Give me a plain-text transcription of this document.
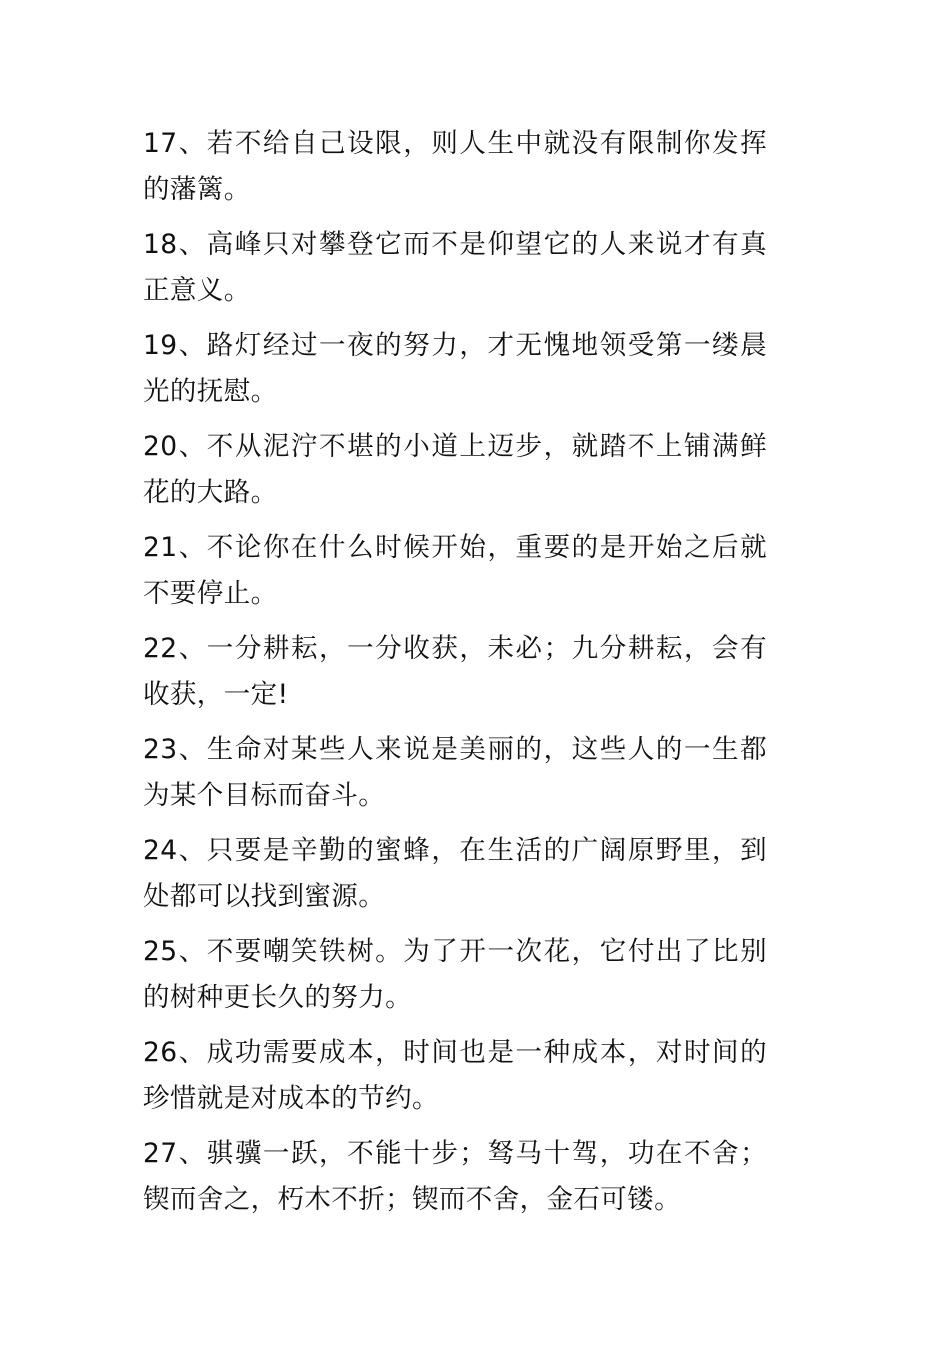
17、若不给自己设限，则人生中就没有限制你发挥的藩篱。

18、高峰只对攀登它而不是仰望它的人来说才有真正意义。

19、路灯经过一夜的努力，才无愧地领受第一缕晨光的抚慰。

20、不从泥泞不堪的小道上迈步，就踏不上铺满鲜花的大路。

21、不论你在什么时候开始，重要的是开始之后就不要停止。

22、一分耕耘，一分收获，未必；九分耕耘，会有收获，一定!

23、生命对某些人来说是美丽的，这些人的一生都为某个目标而奋斗。

24、只要是辛勤的蜜蜂，在生活的广阔原野里，到处都可以找到蜜源。

25、不要嘲笑铁树。为了开一次花，它付出了比别的树种更长久的努力。

26、成功需要成本，时间也是一种成本，对时间的珍惜就是对成本的节约。

27、骐骥一跃，不能十步；驽马十驾，功在不舍；锲而舍之，朽木不折；锲而不舍，金石可镂。
